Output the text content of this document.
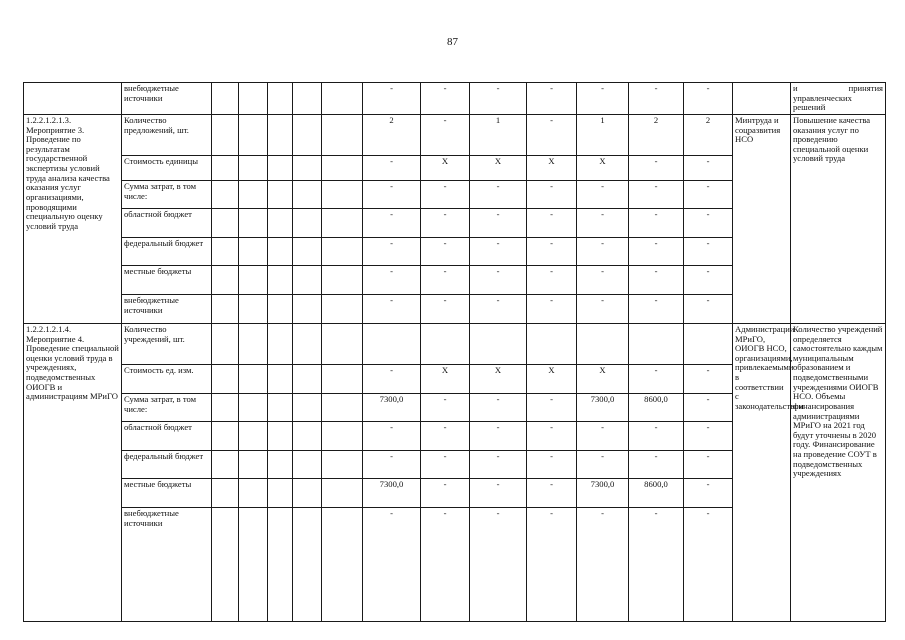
87
	внебюджетные источники						-	-	-	-	-	-	-		и принятия управленческих решений
1.2.2.1.2.1.3. Мероприятие 3. Проведение по результатам государственной экспертизы условий труда анализа качества оказания услуг организациями, проводящими специальную оценку условий труда	Количество предложений, шт.						2	-	1	-	1	2	2	Минтруда и соцразвития НСО	Повышение качества оказания услуг по проведению специальной оценки условий труда
	Стоимость единицы						-	X	X	X	X	-	-		
	Сумма затрат, в том числе:						-	-	-	-	-	-	-		
	областной бюджет						-	-	-	-	-	-	-		
	федеральный бюджет						-	-	-	-	-	-	-		
	местные бюджеты						-	-	-	-	-	-	-		
	внебюджетные источники						-	-	-	-	-	-	-		
1.2.2.1.2.1.4. Мероприятие 4. Проведение специальной оценки условий труда в учреждениях, подведомственных ОИОГВ и администрациям МРиГО	Количество учреждений, шт.													Администрации МРиГО, ОИОГВ НСО, организациями, привлекаемыми в соответствии с законодательством	Количество учреждений определяется самостоятельно каждым муниципальным образованием и подведомственными учреждениями ОИОГВ НСО. Объемы финансирования администрациями МРиГО на 2021 год будут уточнены в 2020 году. Финансирование на проведение СОУТ в подведомственных учреждениях
	Стоимость ед. изм.						-	X	X	X	X	-	-		
	Сумма затрат, в том числе:						7300,0	-	-	-	7300,0	8600,0	-		
	областной бюджет						-	-	-	-	-	-	-		
	федеральный бюджет						-	-	-	-	-	-	-		
	местные бюджеты						7300,0	-	-	-	7300,0	8600,0	-		
	внебюджетные источники						-	-	-	-	-	-	-		
